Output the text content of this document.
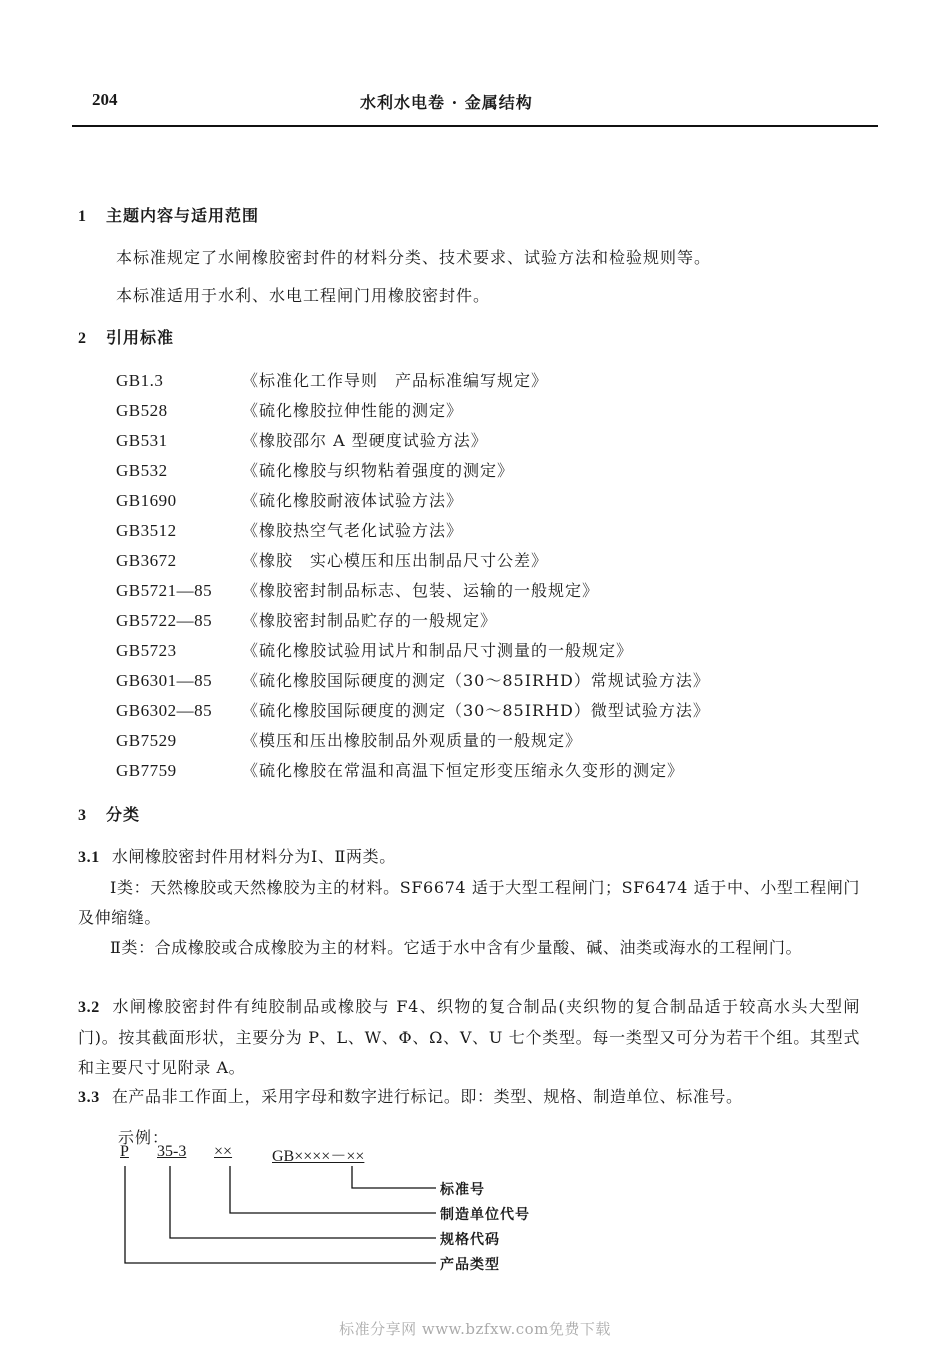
204	水利水电卷 · 金属结构
1 主题内容与适用范围
本标准规定了水闸橡胶密封件的材料分类、技术要求、试验方法和检验规则等。
本标准适用于水利、水电工程闸门用橡胶密封件。
2 引用标准
GB1.3	《标准化工作导则　产品标准编写规定》
GB528	《硫化橡胶拉伸性能的测定》
GB531	《橡胶邵尔 A 型硬度试验方法》
GB532	《硫化橡胶与织物粘着强度的测定》
GB1690	《硫化橡胶耐液体试验方法》
GB3512	《橡胶热空气老化试验方法》
GB3672	《橡胶　实心模压和压出制品尺寸公差》
GB5721—85 《橡胶密封制品标志、包装、运输的一般规定》
GB5722—85 《橡胶密封制品贮存的一般规定》
GB5723	《硫化橡胶试验用试片和制品尺寸测量的一般规定》
GB6301—85 《硫化橡胶国际硬度的测定（30～85IRHD）常规试验方法》
GB6302—85 《硫化橡胶国际硬度的测定（30～85IRHD）微型试验方法》
GB7529	《模压和压出橡胶制品外观质量的一般规定》
GB7759	《硫化橡胶在常温和高温下恒定形变压缩永久变形的测定》
3 分类
3.1 水闸橡胶密封件用材料分为Ⅰ、Ⅱ两类。
Ⅰ类：天然橡胶或天然橡胶为主的材料。SF6674 适于大型工程闸门；SF6474 适于中、小型工程闸门及伸缩缝。
Ⅱ类：合成橡胶或合成橡胶为主的材料。它适于水中含有少量酸、碱、油类或海水的工程闸门。
3.2 水闸橡胶密封件有纯胶制品或橡胶与 F4、织物的复合制品(夹织物的复合制品适于较高水头大型闸门)。按其截面形状，主要分为 P、L、W、Φ、Ω、V、U 七个类型。每一类型又可分为若干个组。其型式和主要尺寸见附录 A。
3.3 在产品非工作面上，采用字母和数字进行标记。即：类型、规格、制造单位、标准号。
示例：
P 35-3 ×× GB××××－××
标准号
制造单位代号
规格代码
产品类型
标准分享网 www.bzfxw.com免费下载
